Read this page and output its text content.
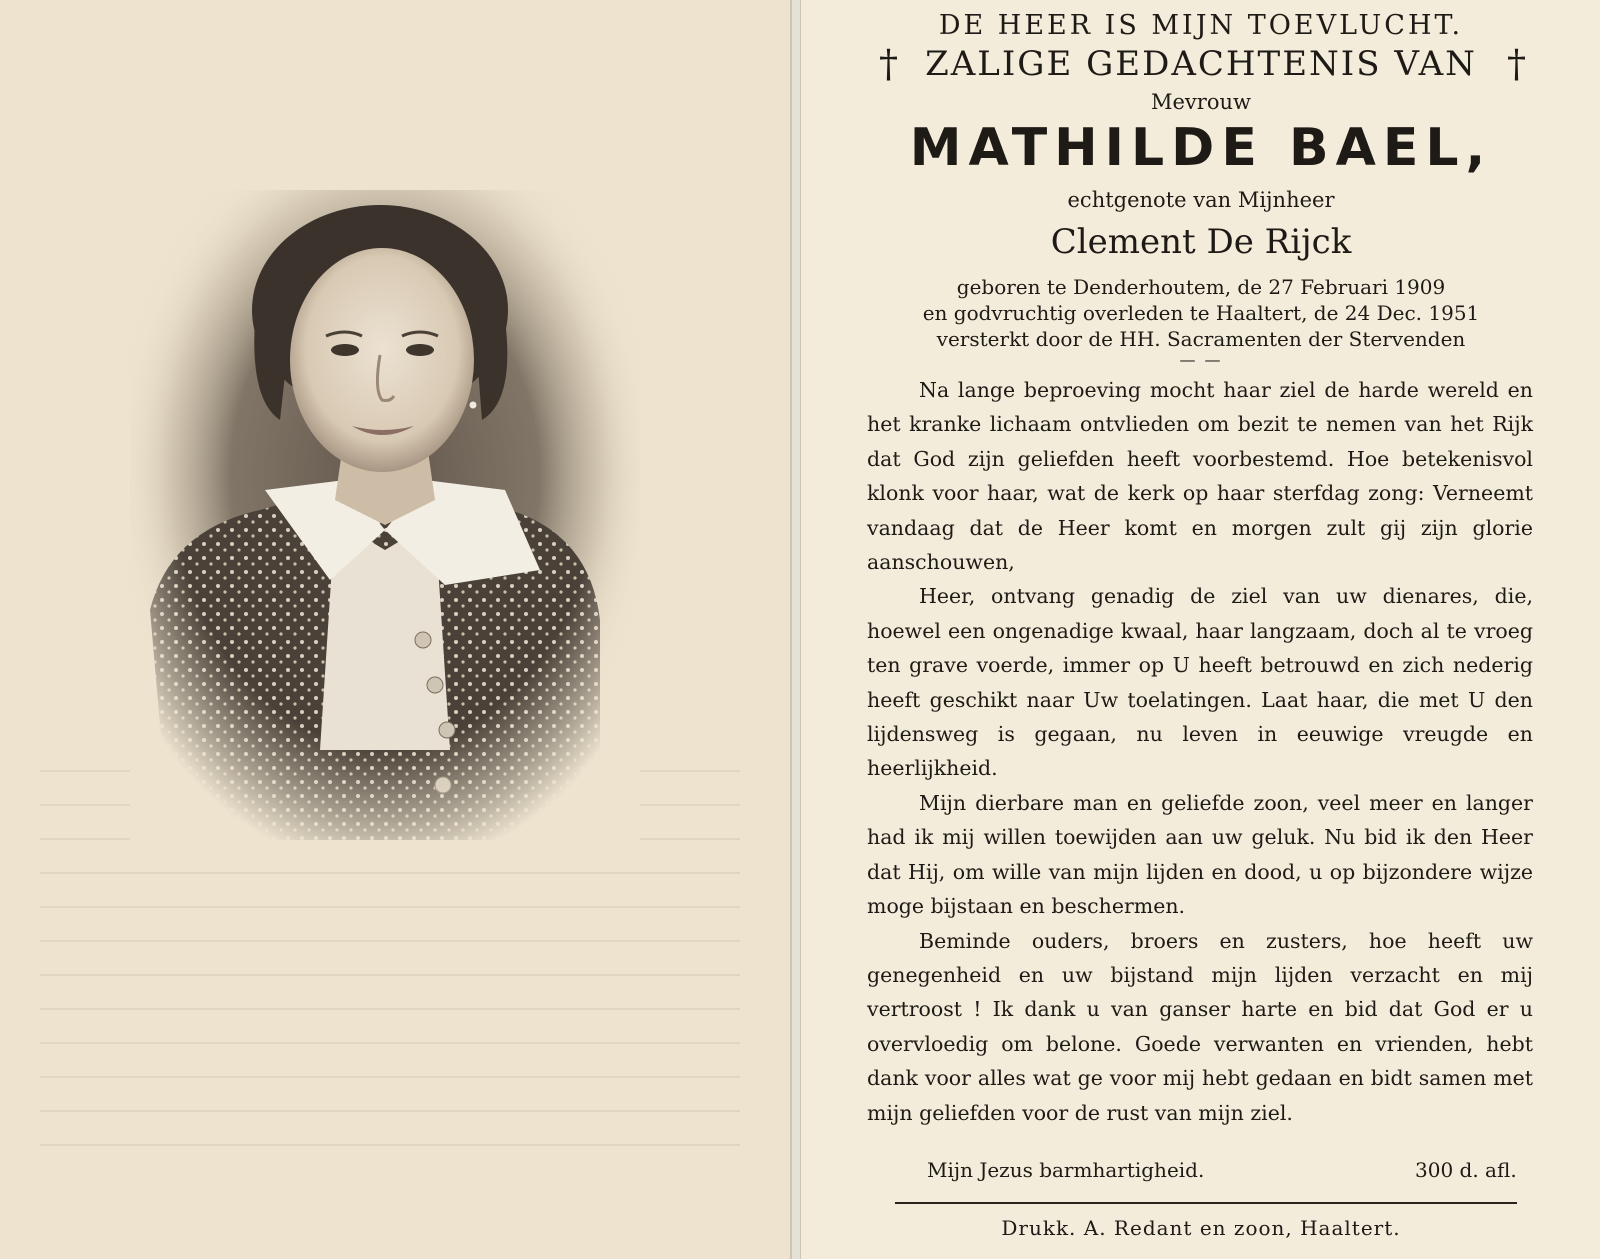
DE HEER IS MIJN TOEVLUCHT.
† ZALIGE GEDACHTENIS VAN †
Mevrouw
MATHILDE BAEL,
echtgenote van Mijnheer
Clement De Rijck
geboren te Denderhoutem, de 27 Februari 1909
en godvruchtig overleden te Haaltert, de 24 Dec. 1951
versterkt door de HH. Sacramenten der Stervenden
— —

Na lange beproeving mocht haar ziel de harde wereld en het kranke lichaam ontvlieden om bezit te nemen van het Rijk dat God zijn geliefden heeft voorbestemd. Hoe betekenisvol klonk voor haar, wat de kerk op haar sterfdag zong: Verneemt vandaag dat de Heer komt en morgen zult gij zijn glorie aanschouwen,

Heer, ontvang genadig de ziel van uw dienares, die, hoewel een ongenadige kwaal, haar langzaam, doch al te vroeg ten grave voerde, immer op U heeft betrouwd en zich nederig heeft geschikt naar Uw toelatingen. Laat haar, die met U den lijdensweg is gegaan, nu leven in eeuwige vreugde en heerlijkheid.

Mijn dierbare man en geliefde zoon, veel meer en langer had ik mij willen toewijden aan uw geluk. Nu bid ik den Heer dat Hij, om wille van mijn lijden en dood, u op bijzondere wijze moge bijstaan en beschermen.

Beminde ouders, broers en zusters, hoe heeft uw genegenheid en uw bijstand mijn lijden verzacht en mij vertroost ! Ik dank u van ganser harte en bid dat God er u overvloedig om belone. Goede verwanten en vrienden, hebt dank voor alles wat ge voor mij hebt gedaan en bidt samen met mijn geliefden voor de rust van mijn ziel.

Mijn Jezus barmhartigheid.	300 d. afl.
Drukk. A. Redant en zoon, Haaltert.
